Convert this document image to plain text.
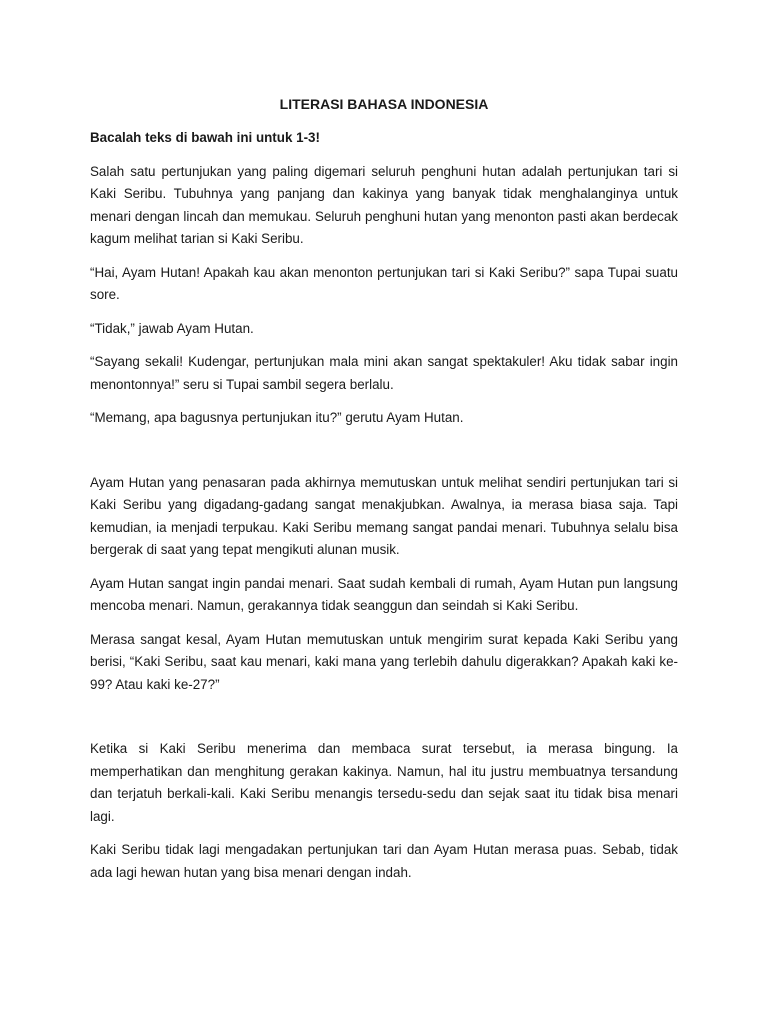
LITERASI BAHASA INDONESIA
Bacalah teks di bawah ini untuk 1-3!

Salah satu pertunjukan yang paling digemari seluruh penghuni hutan adalah pertunjukan tari si Kaki Seribu. Tubuhnya yang panjang dan kakinya yang banyak tidak menghalanginya untuk menari dengan lincah dan memukau. Seluruh penghuni hutan yang menonton pasti akan berdecak kagum melihat tarian si Kaki Seribu.

“Hai, Ayam Hutan! Apakah kau akan menonton pertunjukan tari si Kaki Seribu?” sapa Tupai suatu sore.

“Tidak,” jawab Ayam Hutan.

“Sayang sekali! Kudengar, pertunjukan mala mini akan sangat spektakuler! Aku tidak sabar ingin menontonnya!” seru si Tupai sambil segera berlalu.

“Memang, apa bagusnya pertunjukan itu?” gerutu Ayam Hutan.

Ayam Hutan yang penasaran pada akhirnya memutuskan untuk melihat sendiri pertunjukan tari si Kaki Seribu yang digadang-gadang sangat menakjubkan. Awalnya, ia merasa biasa saja. Tapi kemudian, ia menjadi terpukau. Kaki Seribu memang sangat pandai menari. Tubuhnya selalu bisa bergerak di saat yang tepat mengikuti alunan musik.

Ayam Hutan sangat ingin pandai menari. Saat sudah kembali di rumah, Ayam Hutan pun langsung mencoba menari. Namun, gerakannya tidak seanggun dan seindah si Kaki Seribu.

Merasa sangat kesal, Ayam Hutan memutuskan untuk mengirim surat kepada Kaki Seribu yang berisi, “Kaki Seribu, saat kau menari, kaki mana yang terlebih dahulu digerakkan? Apakah kaki ke-99? Atau kaki ke-27?”

Ketika si Kaki Seribu menerima dan membaca surat tersebut, ia merasa bingung. Ia memperhatikan dan menghitung gerakan kakinya. Namun, hal itu justru membuatnya tersandung dan terjatuh berkali-kali. Kaki Seribu menangis tersedu-sedu dan sejak saat itu tidak bisa menari lagi.

Kaki Seribu tidak lagi mengadakan pertunjukan tari dan Ayam Hutan merasa puas. Sebab, tidak ada lagi hewan hutan yang bisa menari dengan indah.
